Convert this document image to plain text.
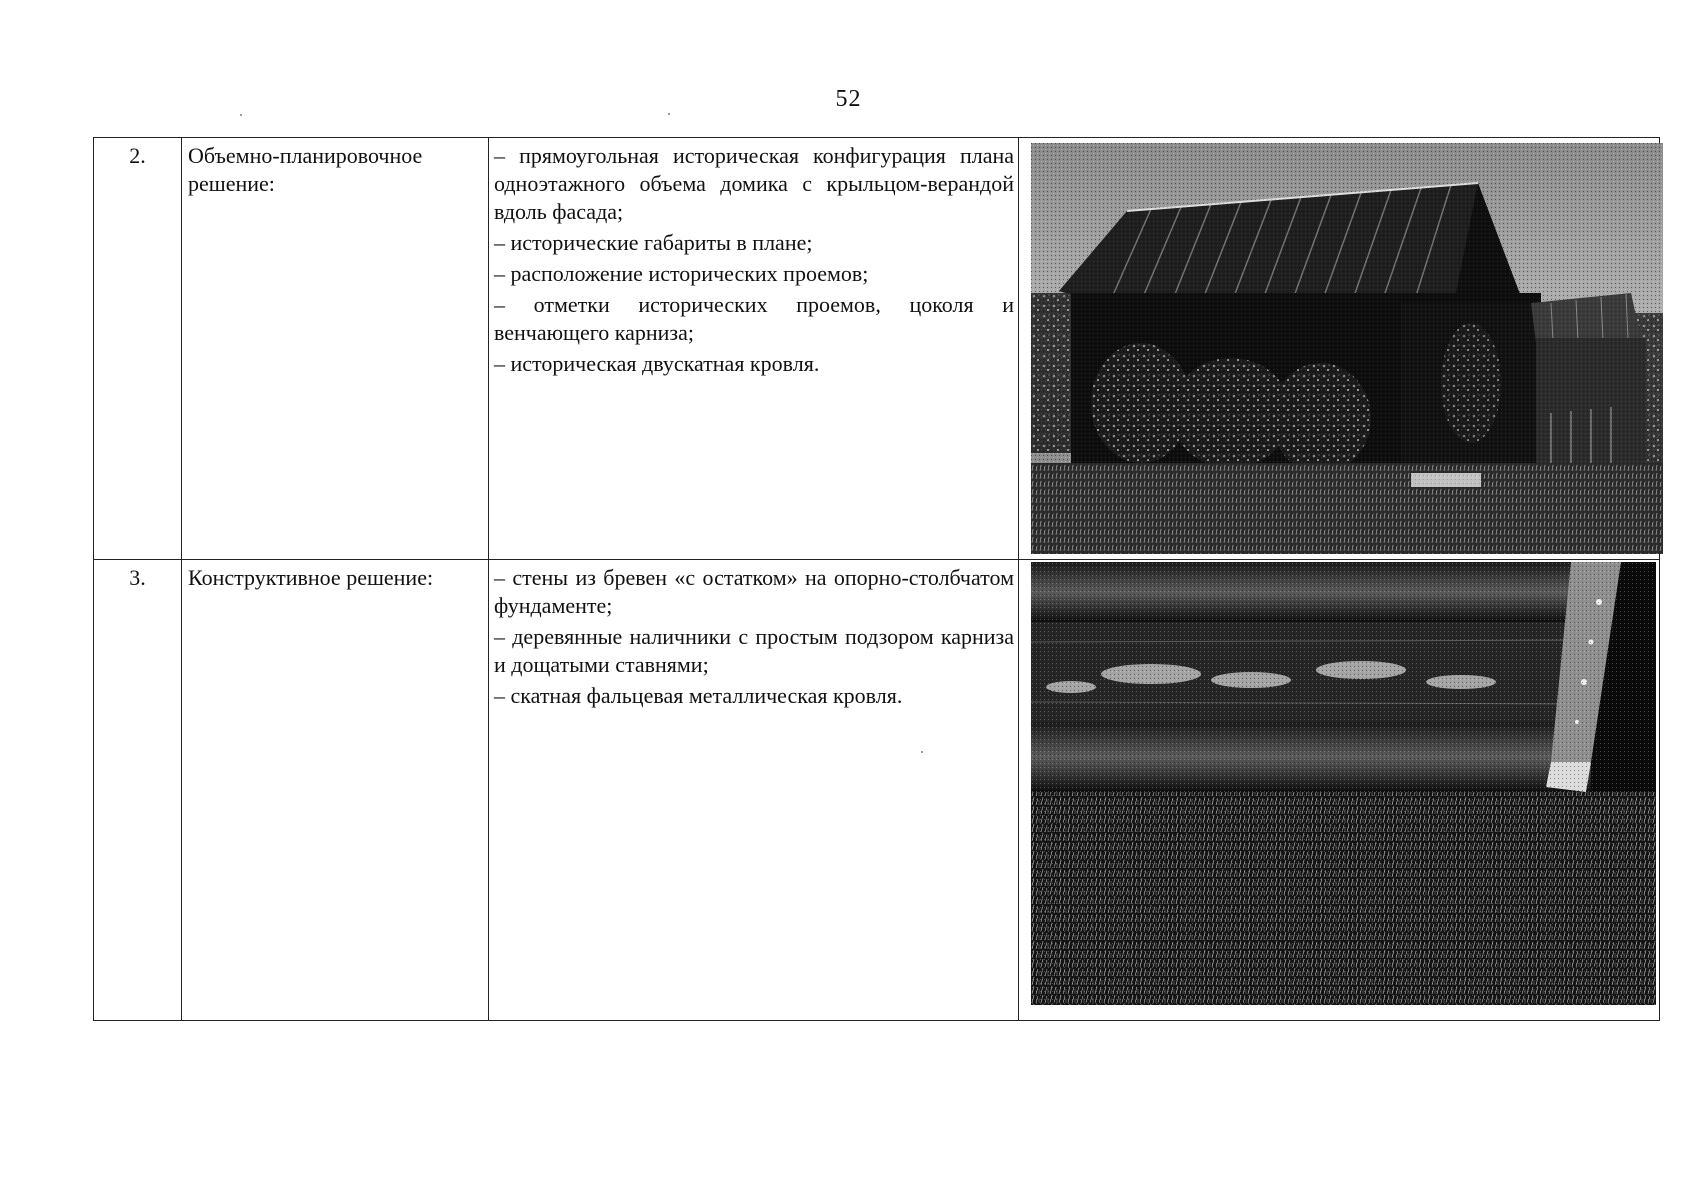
52
2.	Объемно-планировочное решение:	– прямоугольная историческая конфигурация плана одноэтажного объема домика с крыльцом-верандой вдоль фасада;

– исторические габариты в плане;

– расположение исторических проемов;

– отметки исторических проемов, цоколя и венчающего карниза;

– историческая двускатная кровля.

3.	Конструктивное решение:	– стены из бревен «с остатком» на опорно-столбчатом фундаменте;

– деревянные наличники с простым подзором карниза и дощатыми ставнями;

– скатная фальцевая металлическая кровля.
